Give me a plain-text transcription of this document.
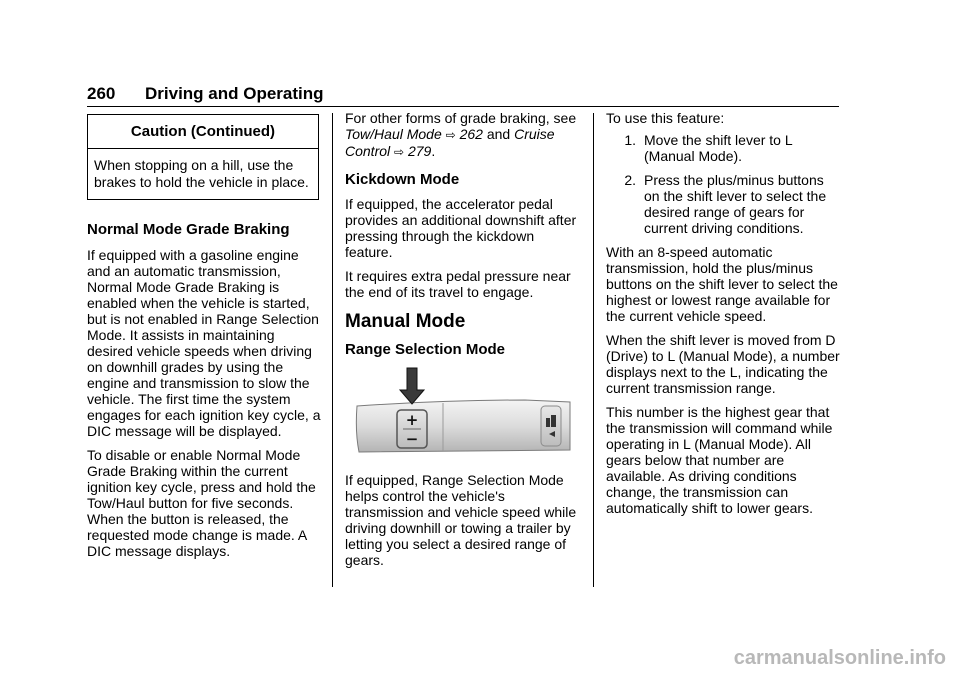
260 Driving and Operating
Caution (Continued)
When stopping on a hill, use the brakes to hold the vehicle in place.
Normal Mode Grade Braking

If equipped with a gasoline engine and an automatic transmission, Normal Mode Grade Braking is enabled when the vehicle is started, but is not enabled in Range Selection Mode. It assists in maintaining desired vehicle speeds when driving on downhill grades by using the engine and transmission to slow the vehicle. The first time the system engages for each ignition key cycle, a DIC message will be displayed.

To disable or enable Normal Mode Grade Braking within the current ignition key cycle, press and hold the Tow/Haul button for five seconds. When the button is released, the requested mode change is made. A DIC message displays.

For other forms of grade braking, see Tow/Haul Mode ⇨ 262 and Cruise Control ⇨ 279.

Kickdown Mode

If equipped, the accelerator pedal provides an additional downshift after pressing through the kickdown feature.

It requires extra pedal pressure near the end of its travel to engage.

Manual Mode
Range Selection Mode
+
−

If equipped, Range Selection Mode helps control the vehicle's transmission and vehicle speed while driving downhill or towing a trailer by letting you select a desired range of gears.

To use this feature:

1. Move the shift lever to L (Manual Mode).
2. Press the plus/minus buttons on the shift lever to select the desired range of gears for current driving conditions.

With an 8-speed automatic transmission, hold the plus/minus buttons on the shift lever to select the highest or lowest range available for the current vehicle speed.

When the shift lever is moved from D (Drive) to L (Manual Mode), a number displays next to the L, indicating the current transmission range.

This number is the highest gear that the transmission will command while operating in L (Manual Mode). All gears below that number are available. As driving conditions change, the transmission can automatically shift to lower gears.

carmanualsonline.info
